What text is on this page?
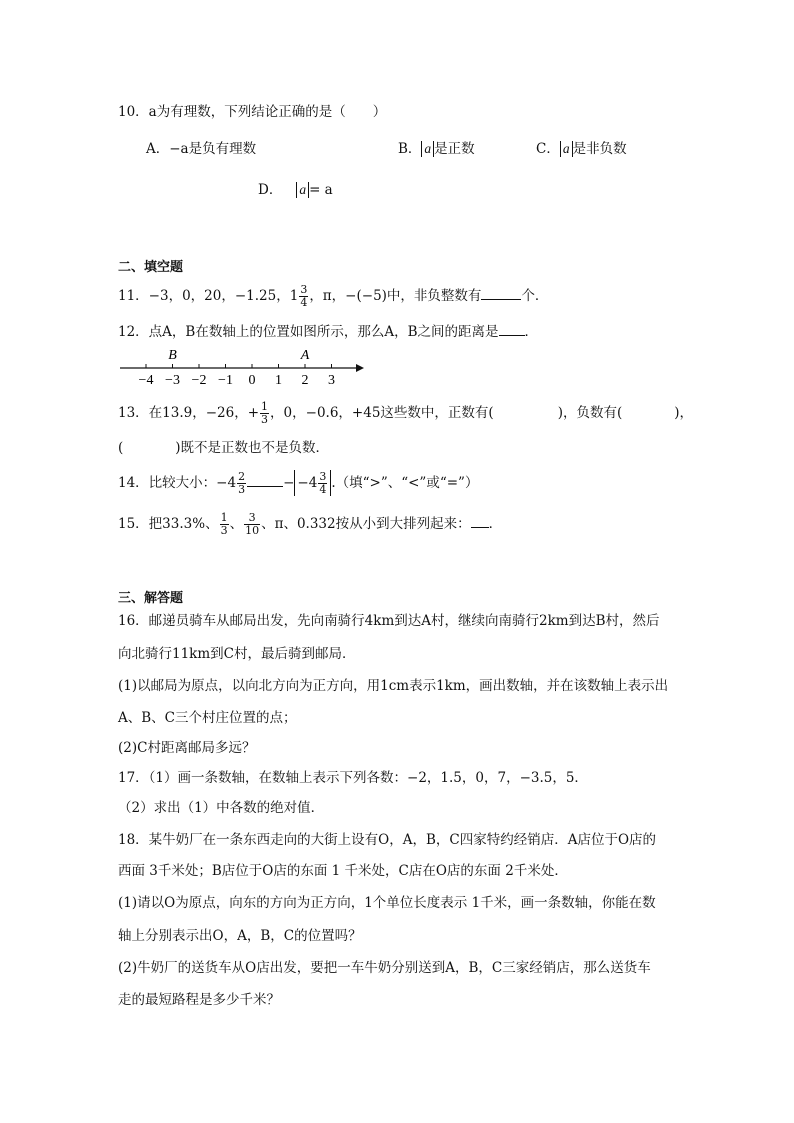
10．a为有理数，下列结论正确的是（　　）
A．−a是负有理数	B． a 是正数	C． a 是非负数
D． a = a
二、填空题
11．−3，0，20，−1.25，$1 \frac{3}{4}$ ，π，−(−5)中，非负整数有	个．
12．点A，B在数轴上的位置如图所示，那么A，B之间的距离是 ．
−4 −3 −2 −1 0 1 2 3
B	A
13．在13.9，−26，+ $\frac{1}{3}$ ，0，−0.6，+45这些数中，正数有(	)，负数有(	)，
(	)既不是正数也不是负数．
14．比较大小：$-4 \frac{2}{3}$	− $-4 \frac{3}{4}$ .（填“>”、“<”或“=”）
15．把33.3%、 $\frac{1}{3}$ 、 $\frac{3}{10}$ 、π、0.332按从小到大排列起来： ．
三、解答题
16．邮递员骑车从邮局出发，先向南骑行4km到达A村，继续向南骑行2km到达B村，然后
向北骑行11km到C村，最后骑到邮局．
(1)以邮局为原点，以向北方向为正方向，用1cm表示1km，画出数轴，并在该数轴上表示出
A、B、C三个村庄位置的点；
(2)C村距离邮局多远？
17．（1）画一条数轴，在数轴上表示下列各数：−2，1.5，0，7，−3.5，5．
（2）求出（1）中各数的绝对值．
18．某牛奶厂在一条东西走向的大街上设有O，A，B，C四家特约经销店．A店位于O店的
西面 3千米处；B店位于O店的东面 1 千米处，C店在O店的东面 2千米处．
(1)请以O为原点，向东的方向为正方向，1个单位长度表示 1千米，画一条数轴，你能在数
轴上分别表示出O，A，B，C的位置吗？
(2)牛奶厂的送货车从O店出发，要把一车牛奶分别送到A，B，C三家经销店，那么送货车
走的最短路程是多少千米？
